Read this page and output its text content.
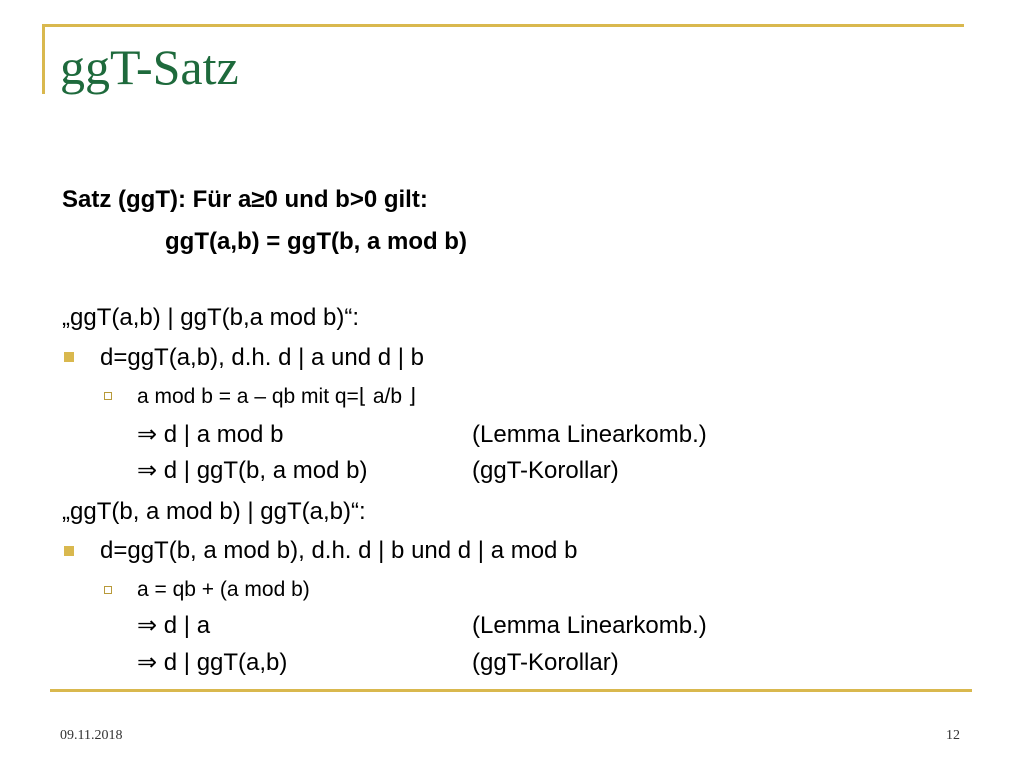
ggT-Satz
Satz (ggT): Für a≥0 und b>0 gilt:
ggT(a,b) = ggT(b, a mod b)
„ggT(a,b) | ggT(b,a mod b)“:
d=ggT(a,b), d.h. d | a und d | b
a mod b = a – qb mit q=⌊ a/b ⌋
⇒ d | a mod b	(Lemma Linearkomb.)
⇒ d | ggT(b, a mod b)	(ggT-Korollar)
„ggT(b, a mod b) | ggT(a,b)“:
d=ggT(b, a mod b), d.h. d | b und d | a mod b
a = qb + (a mod b)
⇒ d | a	(Lemma Linearkomb.)
⇒ d | ggT(a,b)	(ggT-Korollar)
09.11.2018	12
